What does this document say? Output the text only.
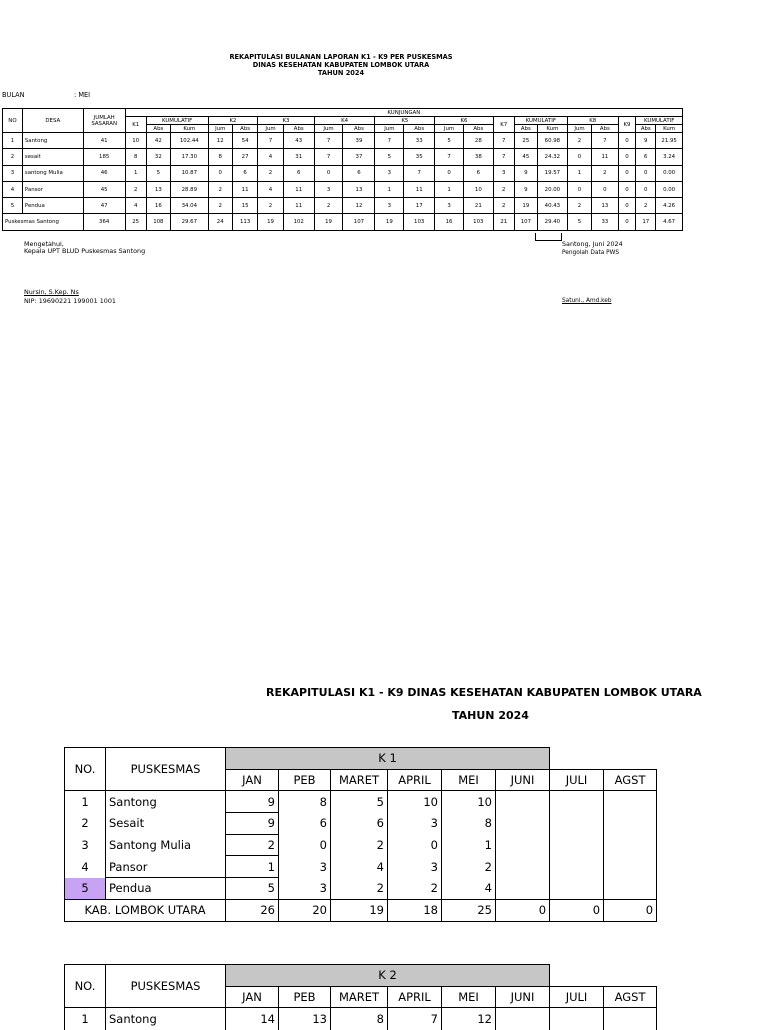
REKAPITULASI BULANAN LAPORAN K1 - K9 PER PUSKESMAS
DINAS KESEHATAN KABUPATEN LOMBOK UTARA
TAHUN 2024
BULAN	: MEI
NO	DESA	JUMLAH SASARAN	KUNJUNGAN																				
			K1	KUMULATIF		K2		K3		K4		K5		K6		K7	KUMULATIF		K8		K9	KUMULATIF	
				Abs	Kum	Jum	Abs	Jum	Abs	Jum	Abs	Jum	Abs	Jum	Abs		Abs	Kum	Jum	Abs		Abs	Kum
1	Santong	41	10	42	102.44	12	54	7	43	7	39	7	33	5	28	7	25	60.98	2	7	0	9	21.95
2	sesait	185	8	32	17.30	8	27	4	31	7	37	5	35	7	38	7	45	24.32	0	11	0	6	3.24
3	santong Mulia	46	1	5	10.87	0	6	2	6	0	6	3	7	0	6	3	9	19.57	1	2	0	0	0.00
4	Pansor	45	2	13	28.89	2	11	4	11	3	13	1	11	1	10	2	9	20.00	0	0	0	0	0.00
5	Pendua	47	4	16	34.04	2	15	2	11	2	12	3	17	3	21	2	19	40.43	2	13	0	2	4.26
Puskesmas Santong		364	25	108	29.67	24	113	19	102	19	107	19	103	16	103	21	107	29.40	5	33	0	17	4.67
Mengetahui,
Kepala UPT BLUD Puskesmas Santong
Nursin, S.Kep. Ns
NIP: 19690221 199001 1001
Santong, Juni 2024
Pengolah Data PWS
Satuni., Amd.keb
REKAPITULASI K1 - K9 DINAS KESEHATAN KABUPATEN LOMBOK UTARA
TAHUN 2024
NO.	PUSKESMAS	K 1							
		JAN	PEB	MARET	APRIL	MEI	JUNI	JULI	AGST
1	Santong	9	8	5	10	10			
2	Sesait	9	6	6	3	8			
3	Santong Mulia	2	0	2	0	1			
4	Pansor	1	3	4	3	2			
5	Pendua	5	3	2	2	4			
KAB. LOMBOK UTARA		26	20	19	18	25	0	0	0
NO.	PUSKESMAS	K 2							
		JAN	PEB	MARET	APRIL	MEI	JUNI	JULI	AGST
1	Santong	14	13	8	7	12			
